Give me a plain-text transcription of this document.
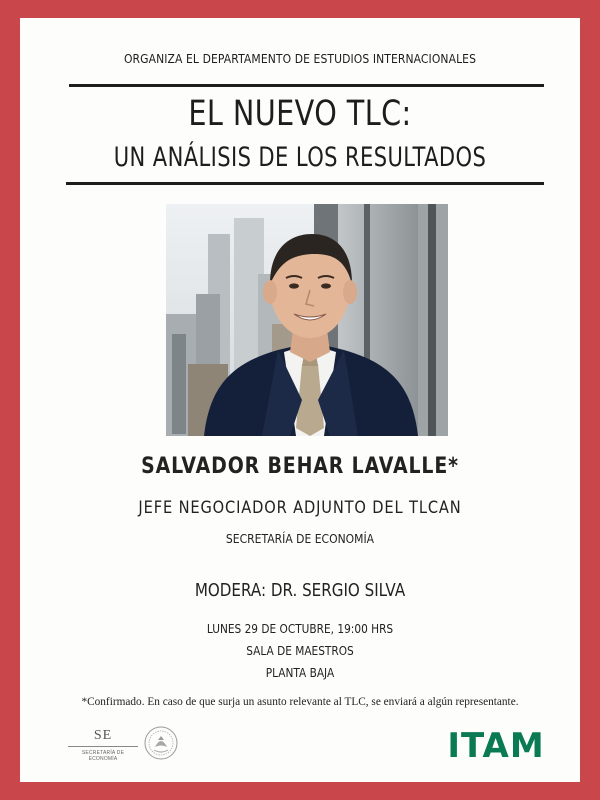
ORGANIZA EL DEPARTAMENTO DE ESTUDIOS INTERNACIONALES
EL NUEVO TLC:
UN ANÁLISIS DE LOS RESULTADOS
SALVADOR BEHAR LAVALLE*
JEFE NEGOCIADOR ADJUNTO DEL TLCAN
SECRETARÍA DE ECONOMÍA
MODERA: DR. SERGIO SILVA
LUNES 29 DE OCTUBRE, 19:00 HRS
SALA DE MAESTROS
PLANTA BAJA
*Confirmado. En caso de que surja un asunto relevante al TLC, se enviará a algún representante.
SE
SECRETARÍA DE ECONOMÍA	ITAM
